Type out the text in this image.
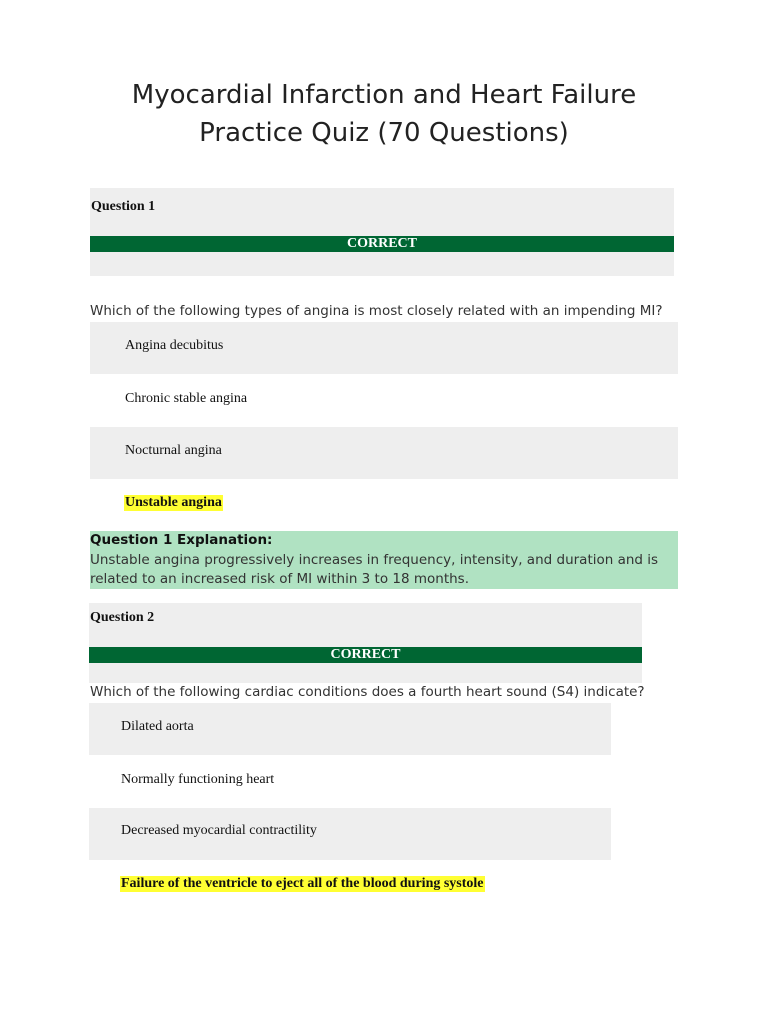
Myocardial Infarction and Heart Failure
Practice Quiz (70 Questions)
Question 1
CORRECT
Which of the following types of angina is most closely related with an impending MI?
Angina decubitus
Chronic stable angina
Nocturnal angina
Unstable angina
Question 1 Explanation:
Unstable angina progressively increases in frequency, intensity, and duration and is related to an increased risk of MI within 3 to 18 months.
Question 2
CORRECT
Which of the following cardiac conditions does a fourth heart sound (S4) indicate?
Dilated aorta
Normally functioning heart
Decreased myocardial contractility
Failure of the ventricle to eject all of the blood during systole
